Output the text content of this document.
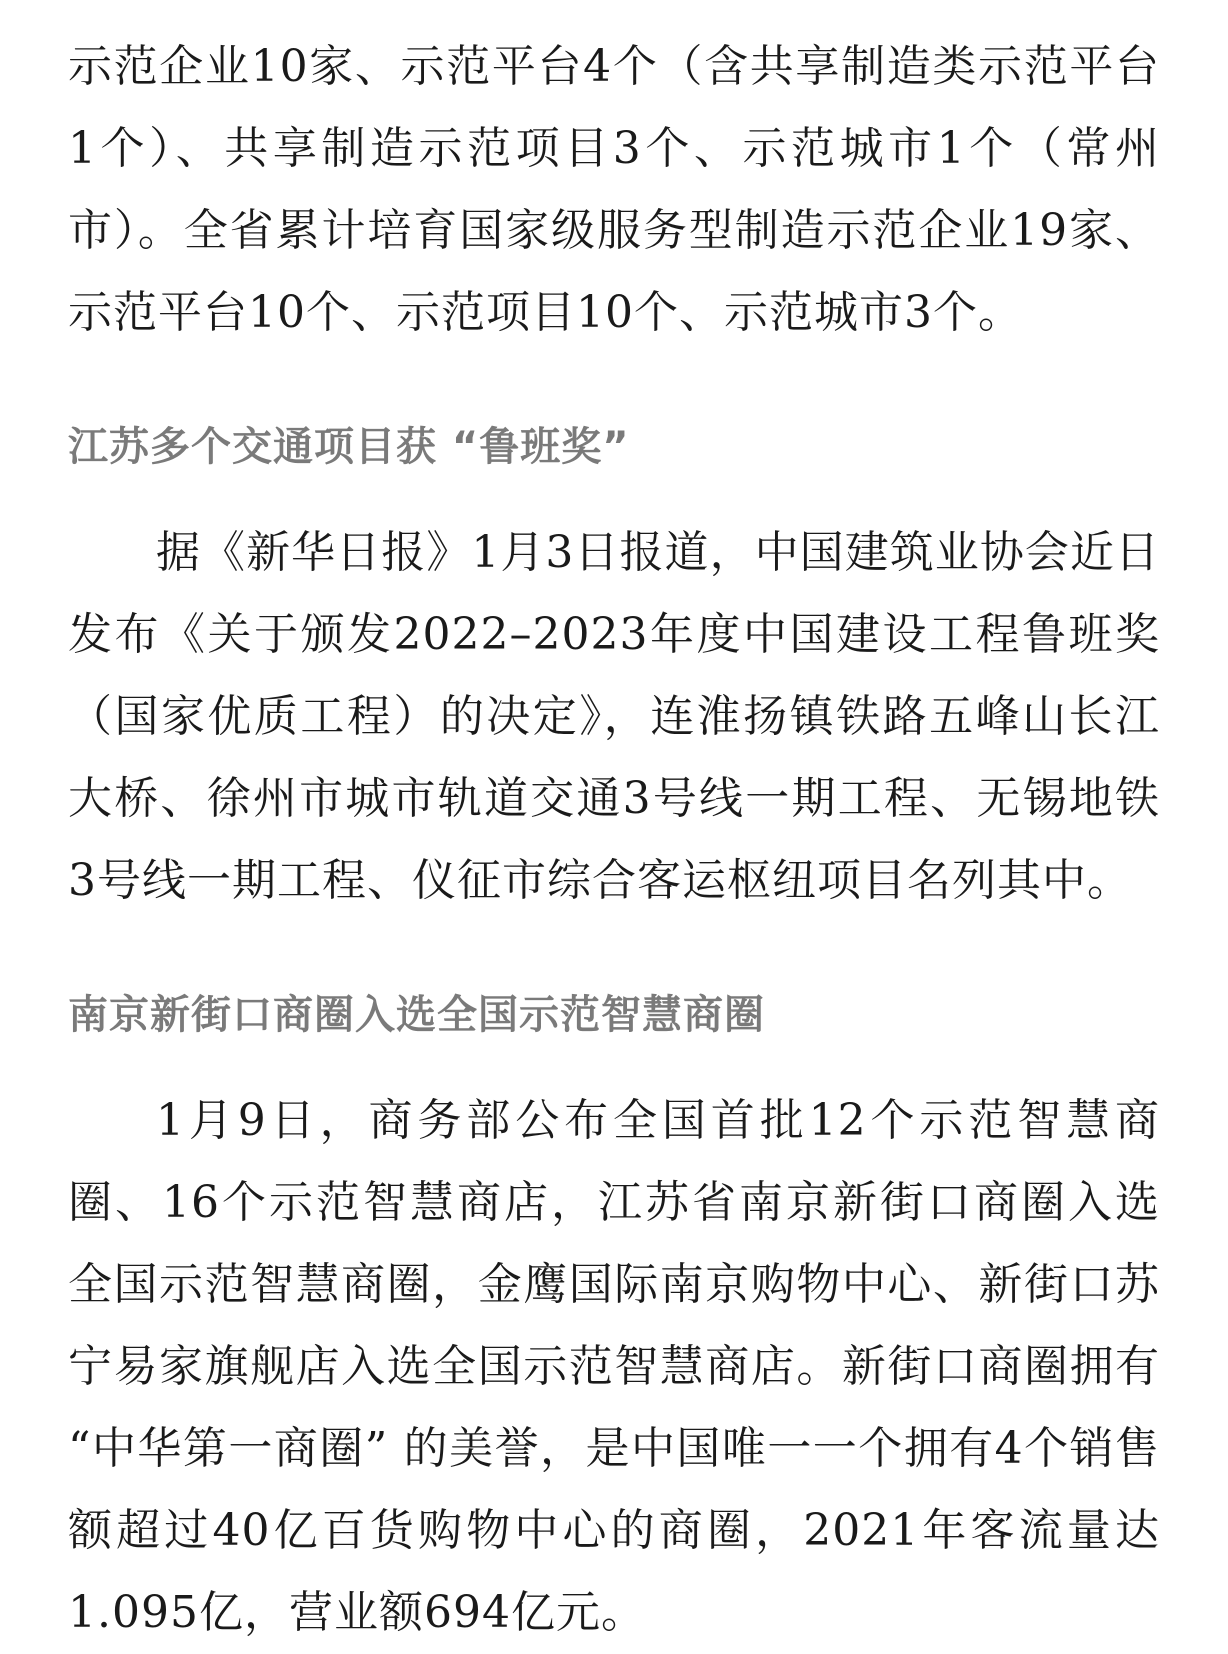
示范企业10家、示范平台4个（含共享制造类示范平台1个）、共享制造示范项目3个、示范城市1个（常州市）。全省累计培育国家级服务型制造示范企业19家、示范平台10个、示范项目10个、示范城市3个。

江苏多个交通项目获 “鲁班奖”

据《新华日报》1月3日报道，中国建筑业协会近日发布《关于颁发2022–2023年度中国建设工程鲁班奖（国家优质工程）的决定》，连淮扬镇铁路五峰山长江大桥、徐州市城市轨道交通3号线一期工程、无锡地铁3号线一期工程、仪征市综合客运枢纽项目名列其中。

南京新街口商圈入选全国示范智慧商圈

1月9日，商务部公布全国首批12个示范智慧商圈、16个示范智慧商店，江苏省南京新街口商圈入选全国示范智慧商圈，金鹰国际南京购物中心、新街口苏宁易家旗舰店入选全国示范智慧商店。新街口商圈拥有 “中华第一商圈” 的美誉，是中国唯一一个拥有4个销售额超过40亿百货购物中心的商圈，2021年客流量达1.095亿，营业额694亿元。
